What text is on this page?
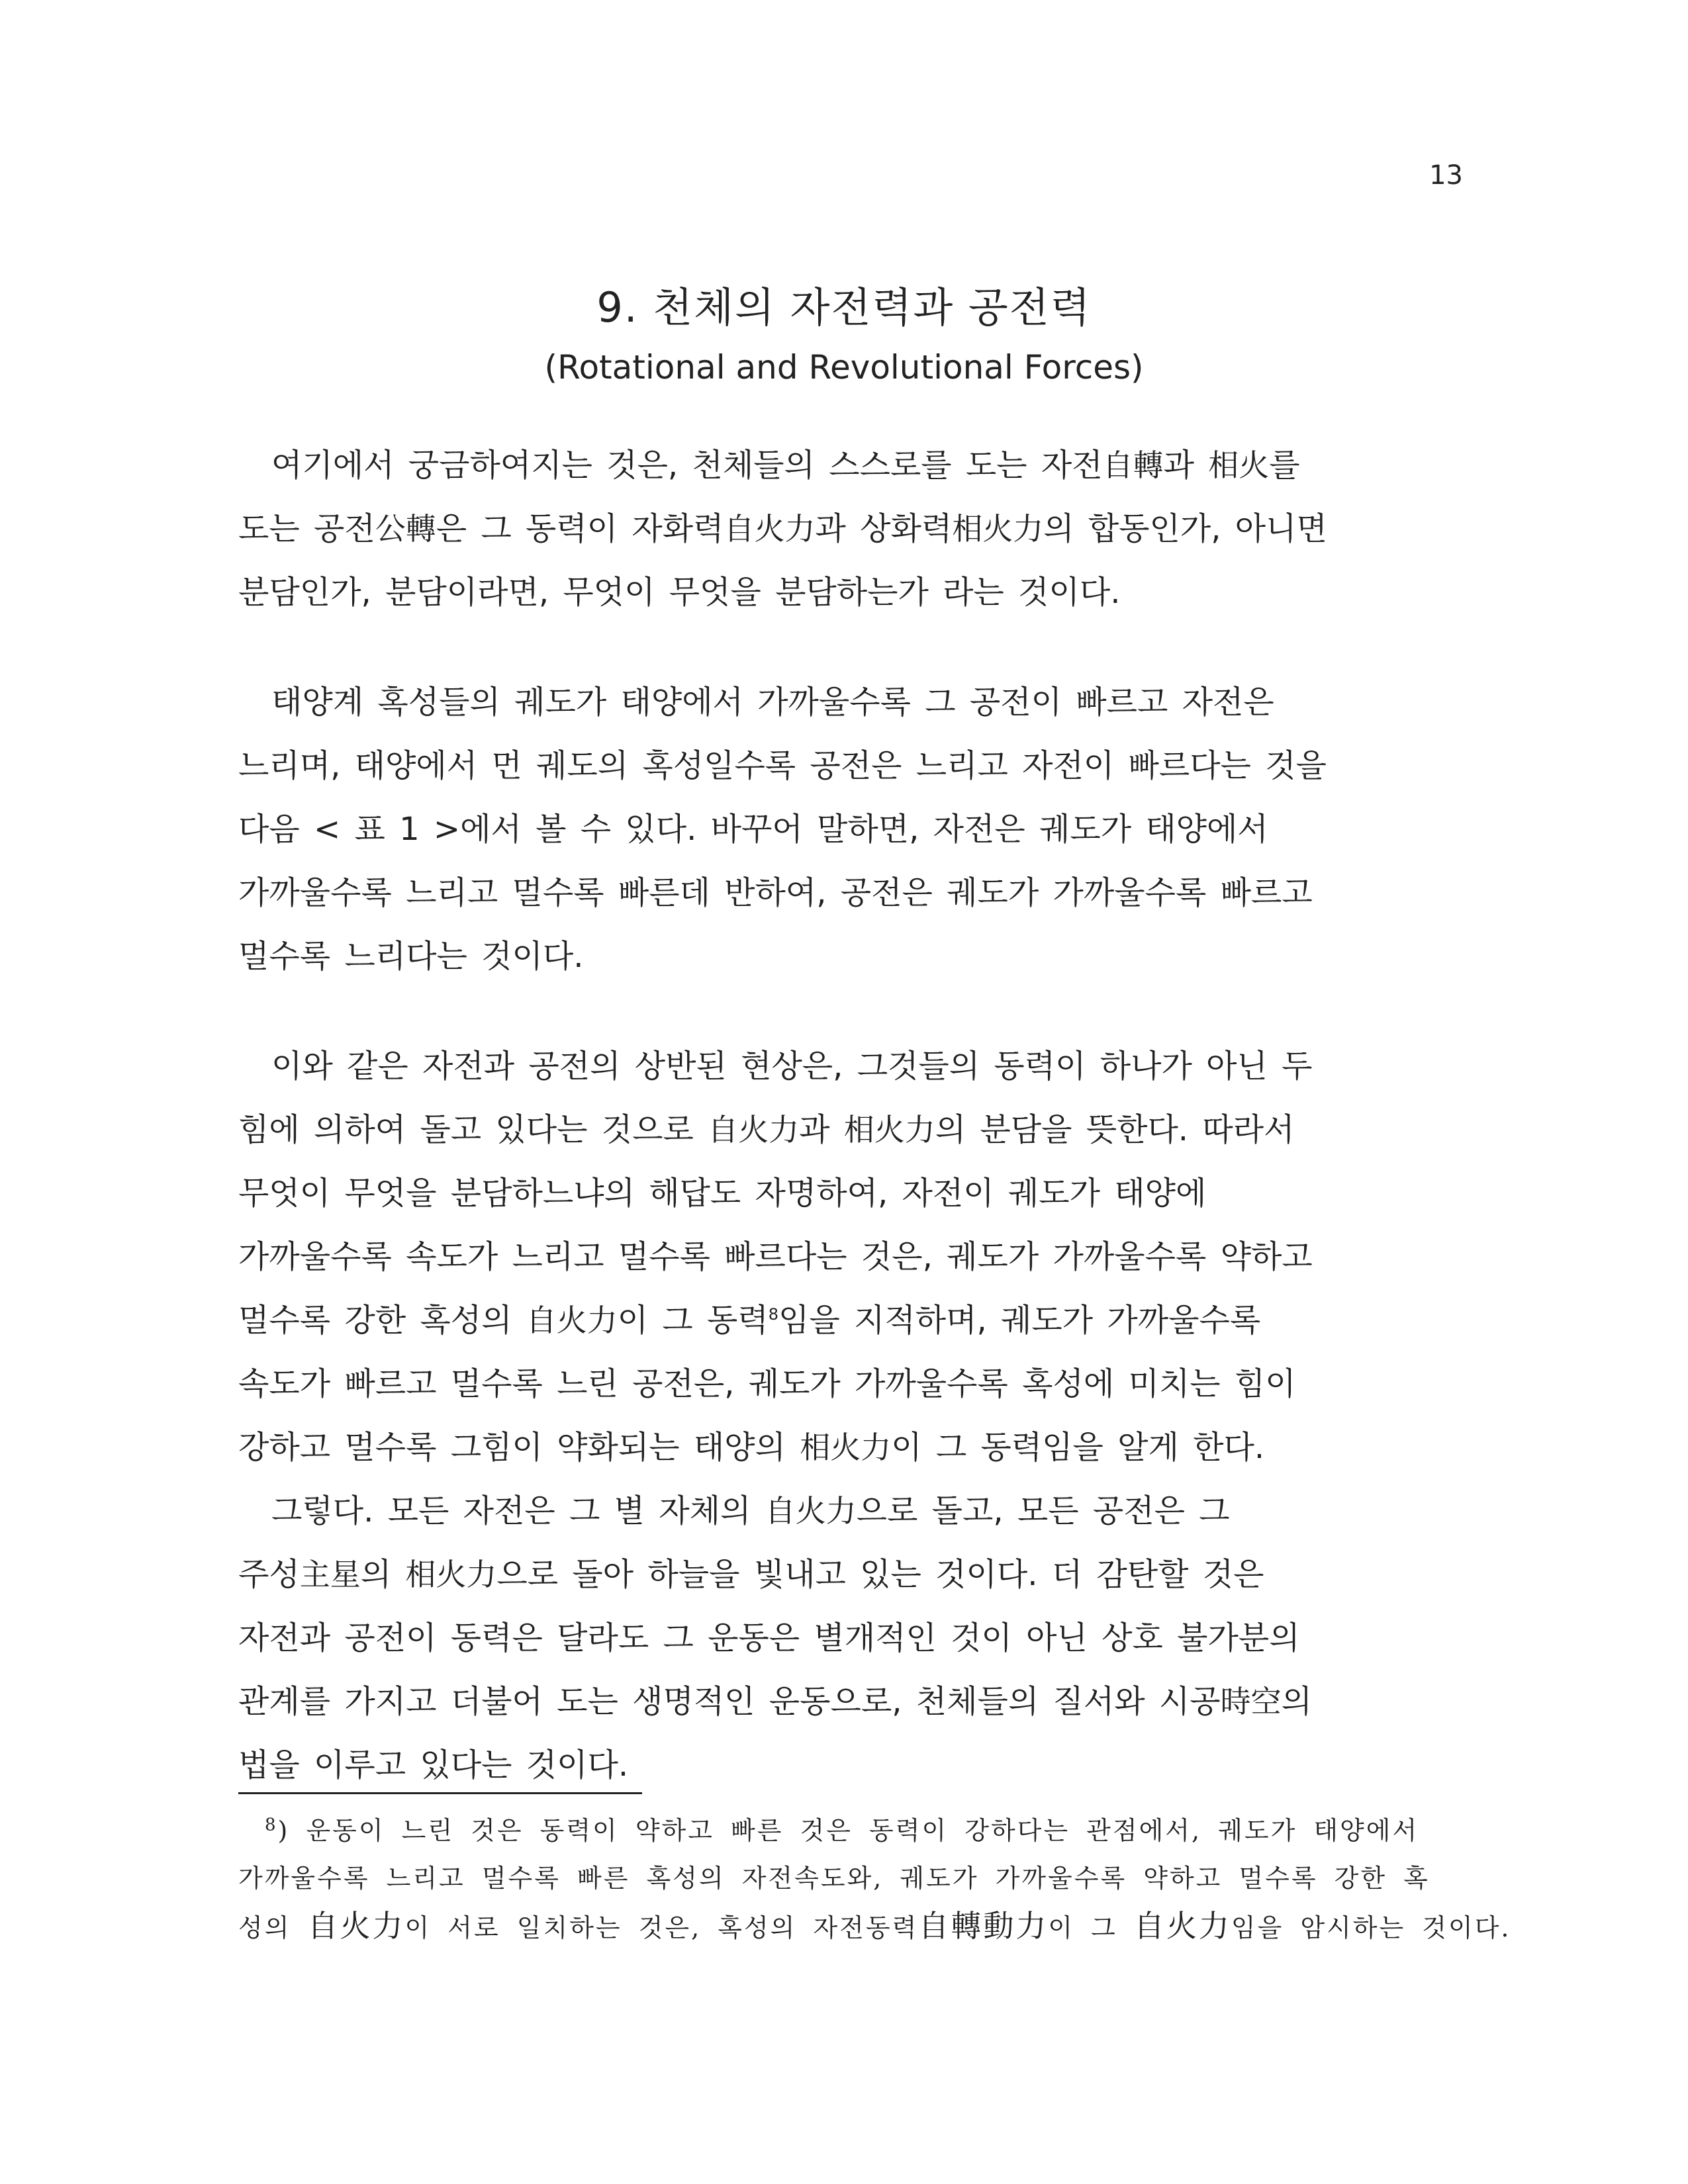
13
9. 천체의 자전력과 공전력
(Rotational and Revolutional Forces)
여기에서 궁금하여지는 것은, 천체들의 스스로를 도는 자전自轉과 相火를
도는 공전公轉은 그 동력이 자화력自火力과 상화력相火力의 합동인가, 아니면
분담인가, 분담이라면, 무엇이 무엇을 분담하는가 라는 것이다.
태양계 혹성들의 궤도가 태양에서 가까울수록 그 공전이 빠르고 자전은
느리며, 태양에서 먼 궤도의 혹성일수록 공전은 느리고 자전이 빠르다는 것을
다음 < 표 1 >에서 볼 수 있다. 바꾸어 말하면, 자전은 궤도가 태양에서
가까울수록 느리고 멀수록 빠른데 반하여, 공전은 궤도가 가까울수록 빠르고
멀수록 느리다는 것이다.
이와 같은 자전과 공전의 상반된 현상은, 그것들의 동력이 하나가 아닌 두
힘에 의하여 돌고 있다는 것으로 自火力과 相火力의 분담을 뜻한다. 따라서
무엇이 무엇을 분담하느냐의 해답도 자명하여, 자전이 궤도가 태양에
가까울수록 속도가 느리고 멀수록 빠르다는 것은, 궤도가 가까울수록 약하고
멀수록 강한 혹성의 自火力이 그 동력$^8$임을 지적하며, 궤도가 가까울수록
속도가 빠르고 멀수록 느린 공전은, 궤도가 가까울수록 혹성에 미치는 힘이
강하고 멀수록 그힘이 약화되는 태양의 相火力이 그 동력임을 알게 한다.
그렇다. 모든 자전은 그 별 자체의 自火力으로 돌고, 모든 공전은 그
주성主星의 相火力으로 돌아 하늘을 빛내고 있는 것이다. 더 감탄할 것은
자전과 공전이 동력은 달라도 그 운동은 별개적인 것이 아닌 상호 불가분의
관계를 가지고 더불어 도는 생명적인 운동으로, 천체들의 질서와 시공時空의
법을 이루고 있다는 것이다.
$^8$) 운동이 느린 것은 동력이 약하고 빠른 것은 동력이 강하다는 관점에서, 궤도가 태양에서
가까울수록 느리고 멀수록 빠른 혹성의 자전속도와, 궤도가 가까울수록 약하고 멀수록 강한 혹
성의 自火力이 서로 일치하는 것은, 혹성의 자전동력自轉動力이 그 自火力임을 암시하는 것이다.
